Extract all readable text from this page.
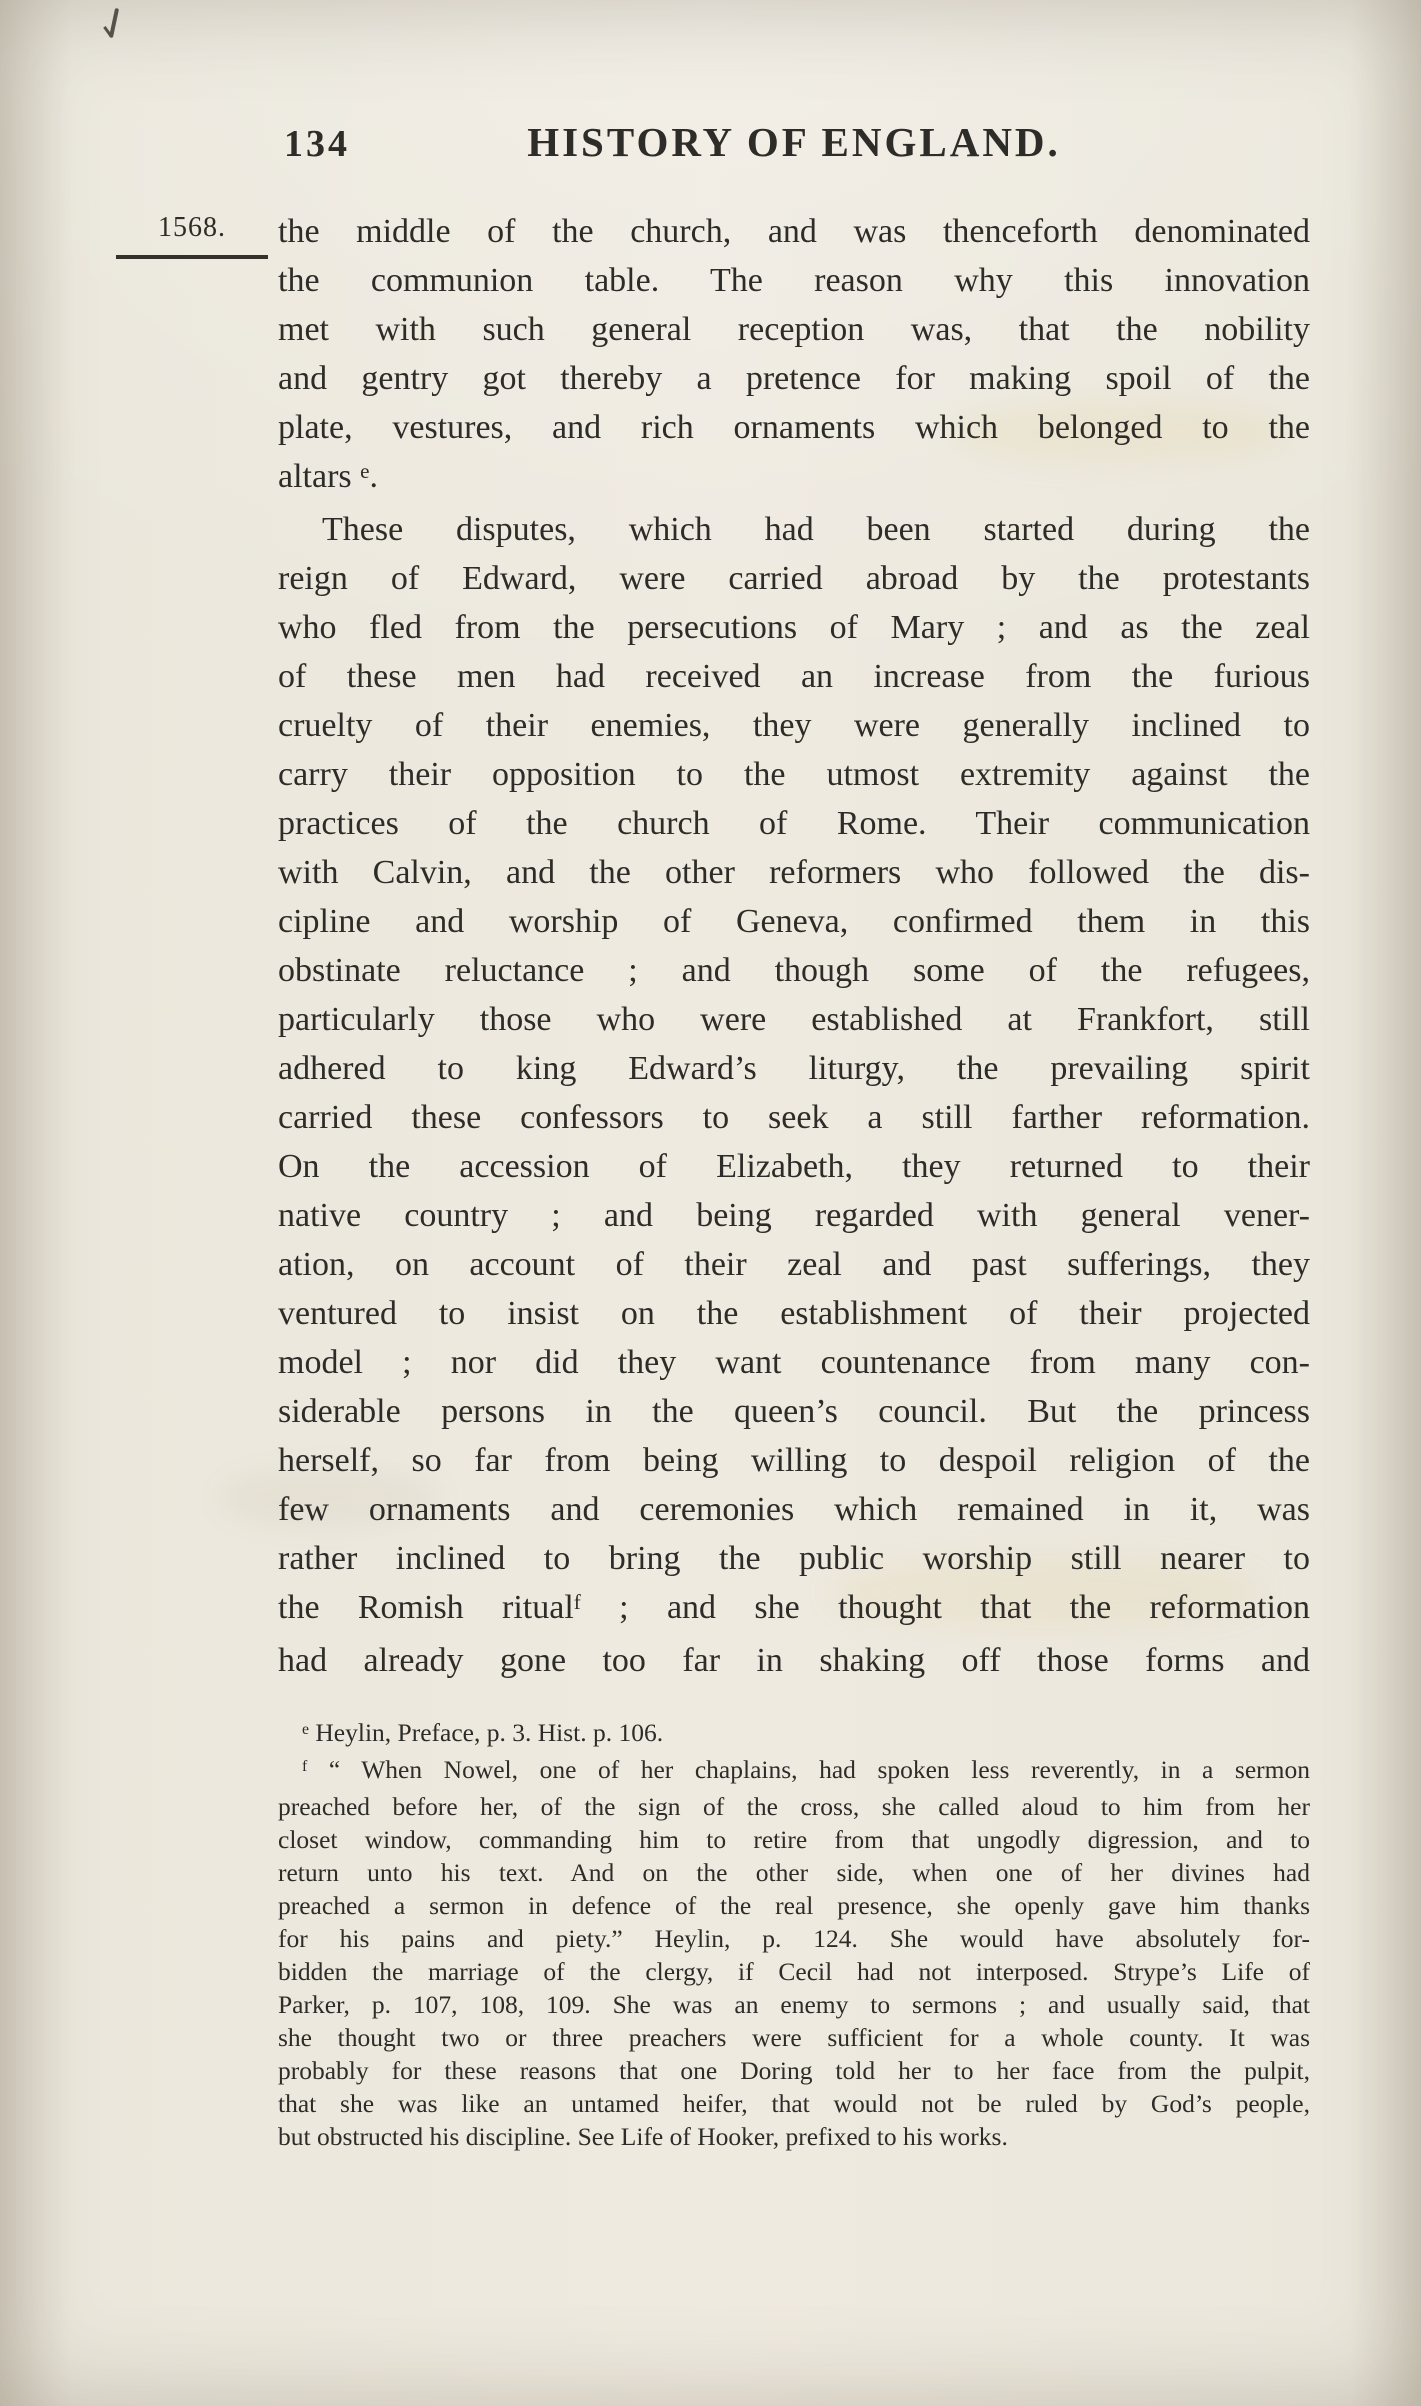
134	HISTORY OF ENGLAND.
1568.	the middle of the church, and was thenceforth denominated
the communion table. The reason why this innovation
met with such general reception was, that the nobility
and gentry got thereby a pretence for making spoil of the
plate, vestures, and rich ornaments which belonged to the
altars $^e$.
These disputes, which had been started during the
reign of Edward, were carried abroad by the protestants
who fled from the persecutions of Mary ; and as the zeal
of these men had received an increase from the furious
cruelty of their enemies, they were generally inclined to
carry their opposition to the utmost extremity against the
practices of the church of Rome. Their communication
with Calvin, and the other reformers who followed the dis-
cipline and worship of Geneva, confirmed them in this
obstinate reluctance ; and though some of the refugees,
particularly those who were established at Frankfort, still
adhered to king Edward’s liturgy, the prevailing spirit
carried these confessors to seek a still farther reformation.
On the accession of Elizabeth, they returned to their
native country ; and being regarded with general vener-
ation, on account of their zeal and past sufferings, they
ventured to insist on the establishment of their projected
model ; nor did they want countenance from many con-
siderable persons in the queen’s council. But the princess
herself, so far from being willing to despoil religion of the
few ornaments and ceremonies which remained in it, was
rather inclined to bring the public worship still nearer to
the Romish ritual$^f$ ; and she thought that the reformation
had already gone too far in shaking off those forms and
$^e$ Heylin, Preface, p. 3. Hist. p. 106.
$^f$ “ When Nowel, one of her chaplains, had spoken less reverently, in a sermon
preached before her, of the sign of the cross, she called aloud to him from her
closet window, commanding him to retire from that ungodly digression, and to
return unto his text. And on the other side, when one of her divines had
preached a sermon in defence of the real presence, she openly gave him thanks
for his pains and piety.” Heylin, p. 124. She would have absolutely for-
bidden the marriage of the clergy, if Cecil had not interposed. Strype’s Life of
Parker, p. 107, 108, 109. She was an enemy to sermons ; and usually said, that
she thought two or three preachers were sufficient for a whole county. It was
probably for these reasons that one Doring told her to her face from the pulpit,
that she was like an untamed heifer, that would not be ruled by God’s people,
but obstructed his discipline. See Life of Hooker, prefixed to his works.
